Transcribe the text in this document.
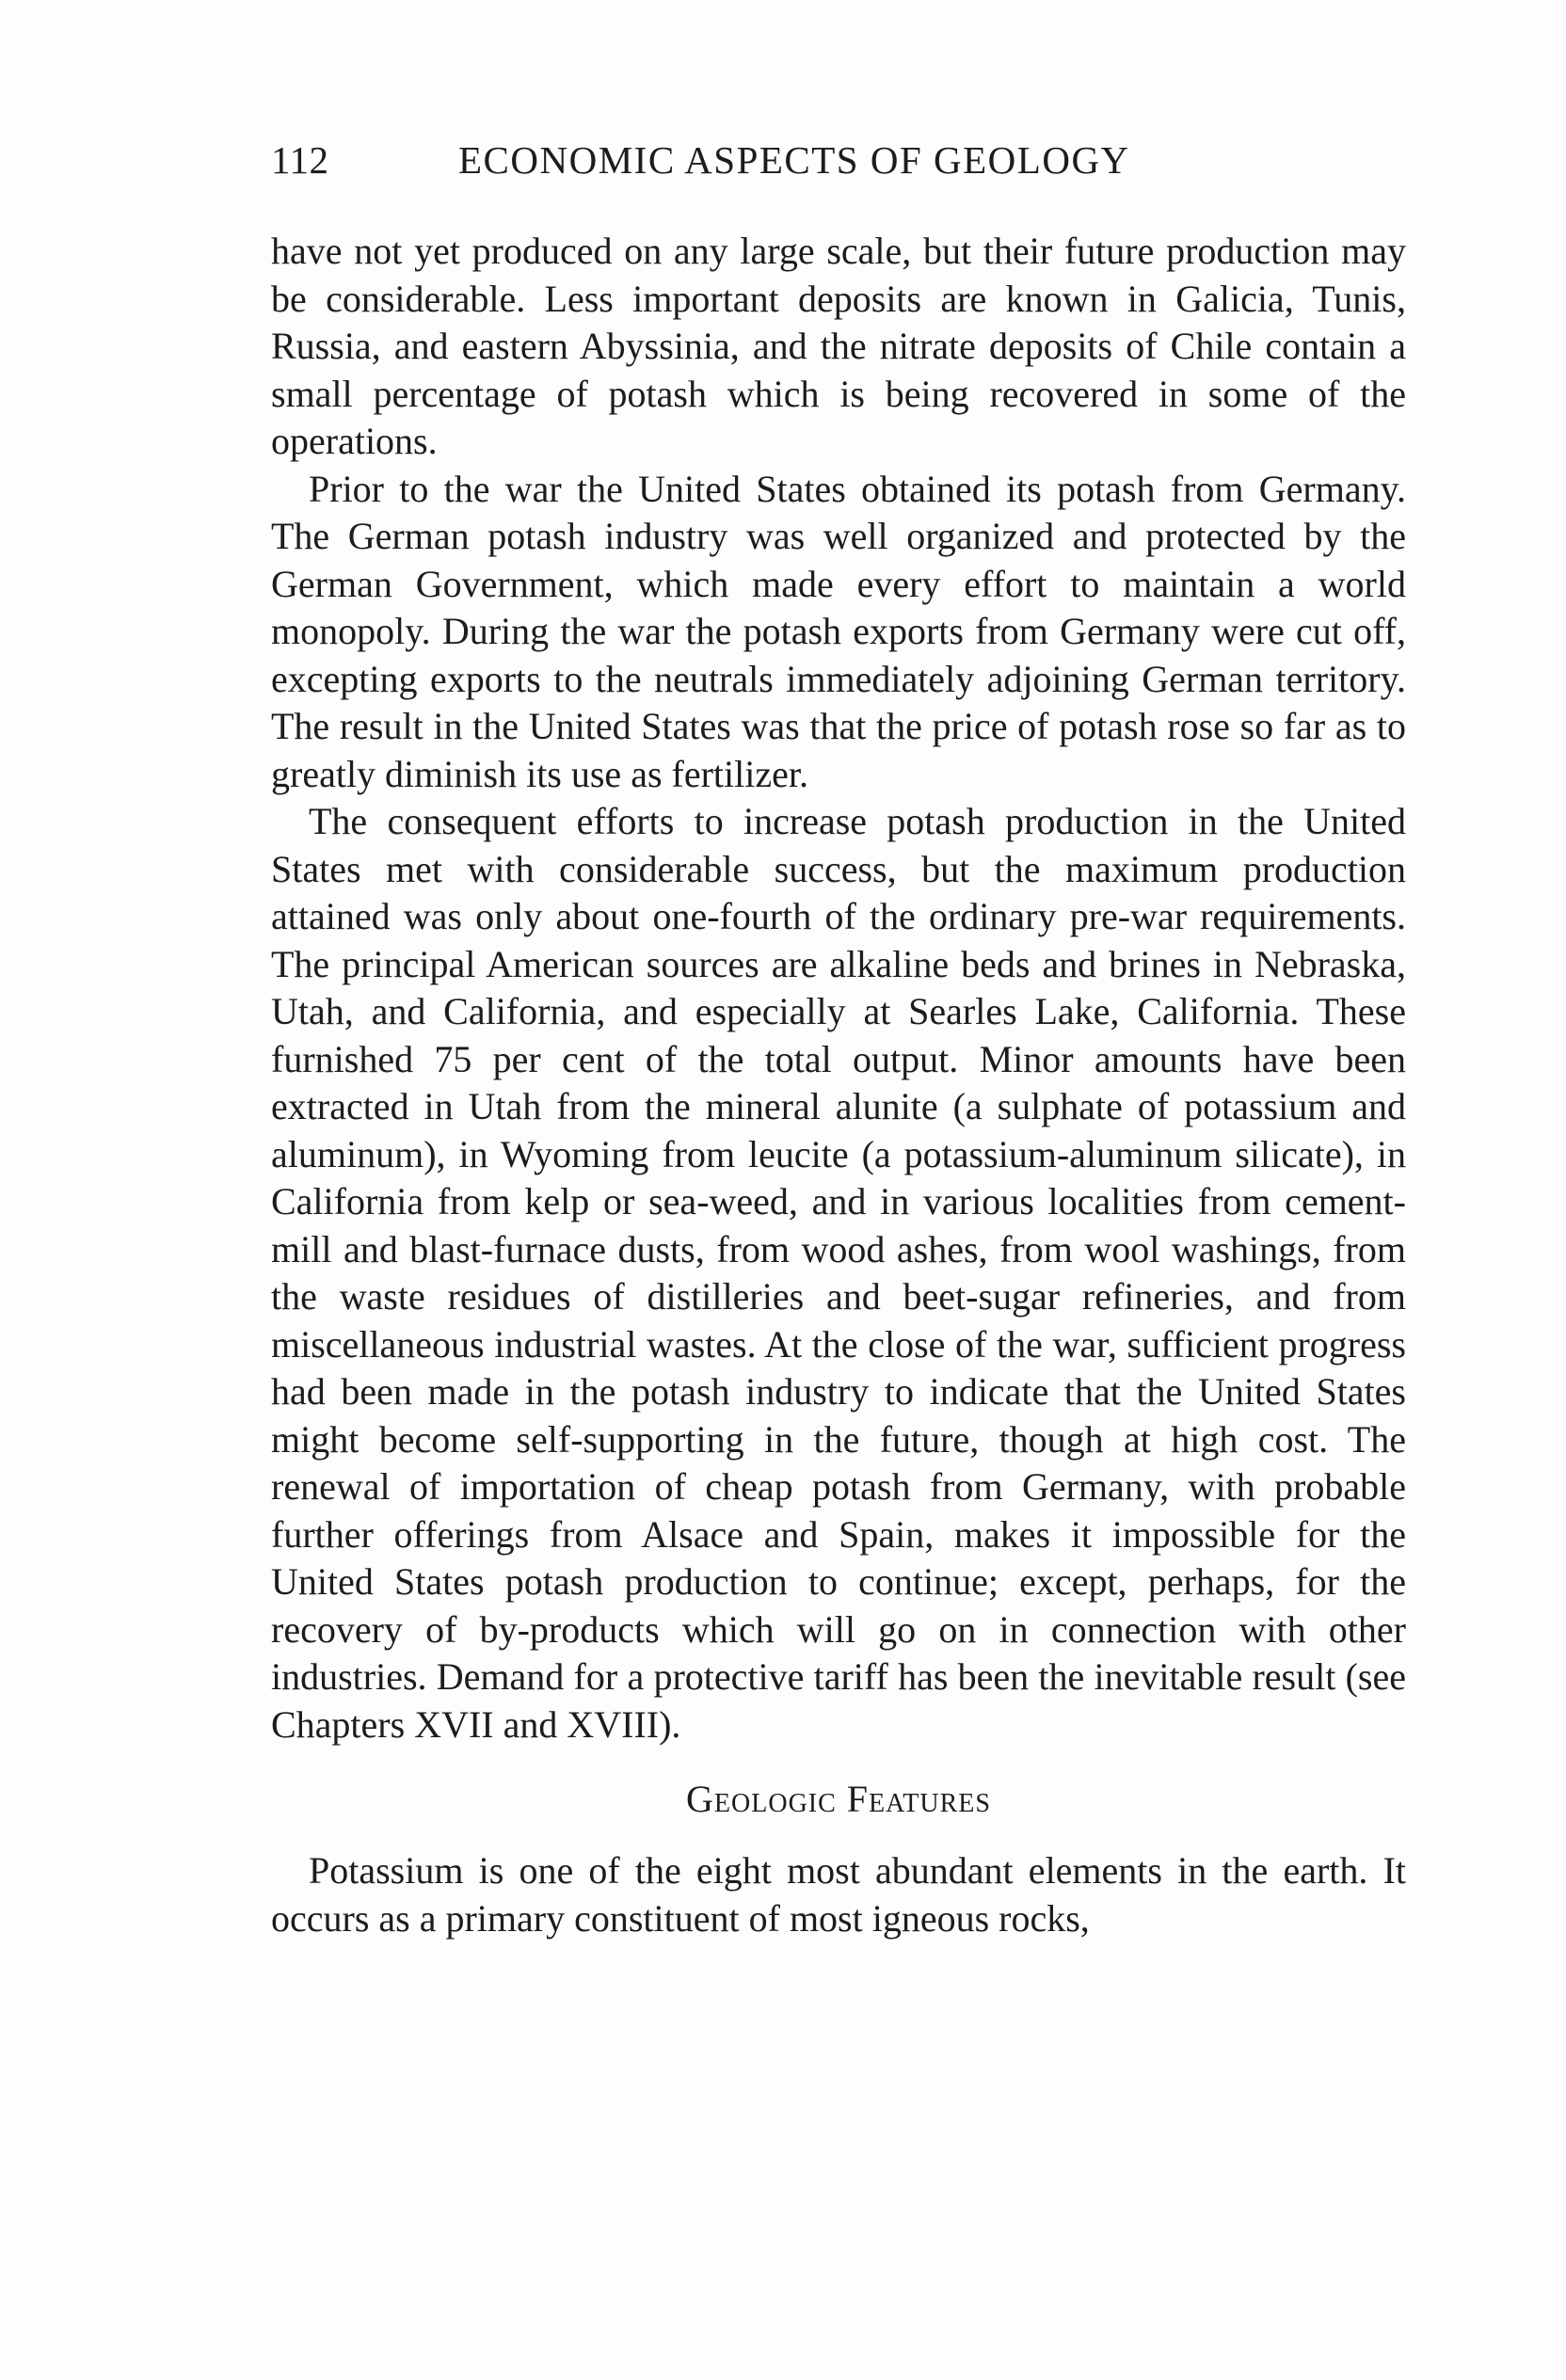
112	ECONOMIC ASPECTS OF GEOLOGY

have not yet produced on any large scale, but their future production may be considerable. Less important deposits are known in Galicia, Tunis, Russia, and eastern Abyssinia, and the nitrate deposits of Chile contain a small percentage of potash which is being recovered in some of the operations.

Prior to the war the United States obtained its potash from Germany. The German potash industry was well organized and protected by the German Government, which made every effort to maintain a world monopoly. During the war the potash exports from Germany were cut off, excepting exports to the neutrals immediately adjoining German territory. The result in the United States was that the price of potash rose so far as to greatly diminish its use as fertilizer.

The consequent efforts to increase potash production in the United States met with considerable success, but the maximum production attained was only about one-fourth of the ordinary pre-war requirements. The principal American sources are alkaline beds and brines in Nebraska, Utah, and California, and especially at Searles Lake, California. These furnished 75 per cent of the total output. Minor amounts have been extracted in Utah from the mineral alunite (a sulphate of potassium and aluminum), in Wyoming from leucite (a potassium-aluminum silicate), in California from kelp or sea-weed, and in various localities from cement-mill and blast-furnace dusts, from wood ashes, from wool washings, from the waste residues of distilleries and beet-sugar refineries, and from miscellaneous industrial wastes. At the close of the war, sufficient progress had been made in the potash industry to indicate that the United States might become self-supporting in the future, though at high cost. The renewal of importation of cheap potash from Germany, with probable further offerings from Alsace and Spain, makes it impossible for the United States potash production to continue; except, perhaps, for the recovery of by-products which will go on in connection with other industries. Demand for a protective tariff has been the inevitable result (see Chapters XVII and XVIII).

Geologic Features

Potassium is one of the eight most abundant elements in the earth. It occurs as a primary constituent of most igneous rocks,
